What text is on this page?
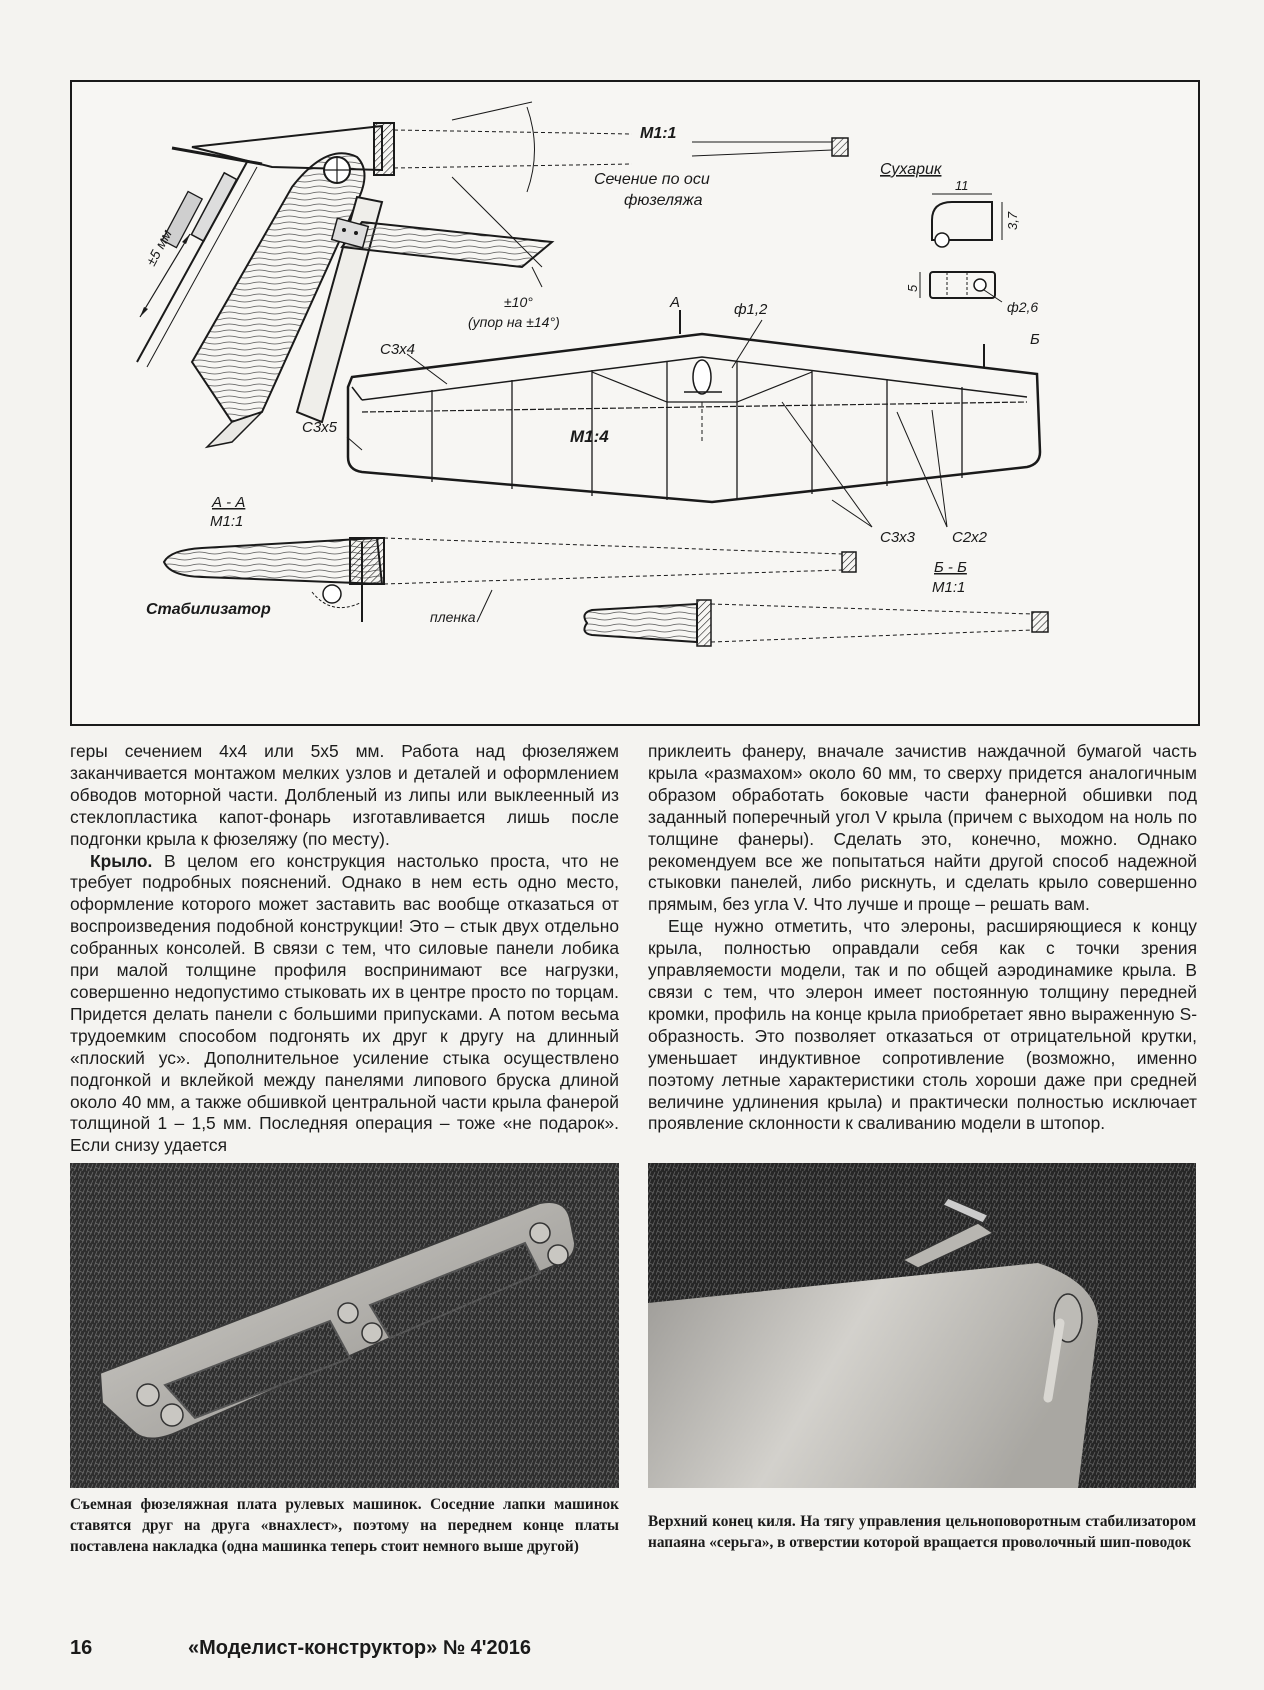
М1:1
Сечение по оси
фюзеляжа
±5 мм
±10°
(упор на ±14°)
Сухарик
11
3,7
5
ф2,6
А	ф1,2
Б
С3х4
С3х5	М1:4
С3х3 С2х2
А - А
М1:1
Стабилизатор	пленка
Б - Б
М1:1

геры сечением 4х4 или 5х5 мм. Работа над фюзеляжем заканчивается монтажом мелких узлов и деталей и оформлением обводов моторной части. Долбленый из липы или выклеенный из стеклопластика капот-фонарь изготавливается лишь после подгонки крыла к фюзеляжу (по месту).

Крыло. В целом его конструкция настолько проста, что не требует подробных пояснений. Однако в нем есть одно место, оформление которого может заставить вас вообще отказаться от воспроизведения подобной конструкции! Это – стык двух отдельно собранных консолей. В связи с тем, что силовые панели лобика при малой толщине профиля воспринимают все нагрузки, совершенно недопустимо стыковать их в центре просто по торцам. Придется делать панели с большими припусками. А потом весьма трудоемким способом подгонять их друг к другу на длинный «плоский ус». Дополнительное усиление стыка осуществлено подгонкой и вклейкой между панелями липового бруска длиной около 40 мм, а также обшивкой центральной части крыла фанерой толщиной 1 – 1,5 мм. Последняя операция – тоже «не подарок». Если снизу удается

приклеить фанеру, вначале зачистив наждачной бумагой часть крыла «размахом» около 60 мм, то сверху придется аналогичным образом обработать боковые части фанерной обшивки под заданный поперечный угол V крыла (причем с выходом на ноль по толщине фанеры). Сделать это, конечно, можно. Однако рекомендуем все же попытаться найти другой способ надежной стыковки панелей, либо рискнуть, и сделать крыло совершенно прямым, без угла V. Что лучше и проще – решать вам.

Еще нужно отметить, что элероны, расширяющиеся к концу крыла, полностью оправдали себя как с точки зрения управляемости модели, так и по общей аэродинамике крыла. В связи с тем, что элерон имеет постоянную толщину передней кромки, профиль на конце крыла приобретает явно выраженную S-образность. Это позволяет отказаться от отрицательной крутки, уменьшает индуктивное сопротивление (возможно, именно поэтому летные характеристики столь хороши даже при средней величине удлинения крыла) и практически полностью исключает проявление склонности к сваливанию модели в штопор.

Съемная фюзеляжная плата рулевых машинок. Соседние лапки машинок ставятся друг на друга «внахлест», поэтому на переднем конце платы поставлена накладка (одна машинка теперь стоит немного выше другой)
Верхний конец киля. На тягу управления цельноповоротным стабилизатором напаяна «серьга», в отверстии которой вращается проволочный шип-поводок
16	«Моделист-конструктор» № 4'2016
